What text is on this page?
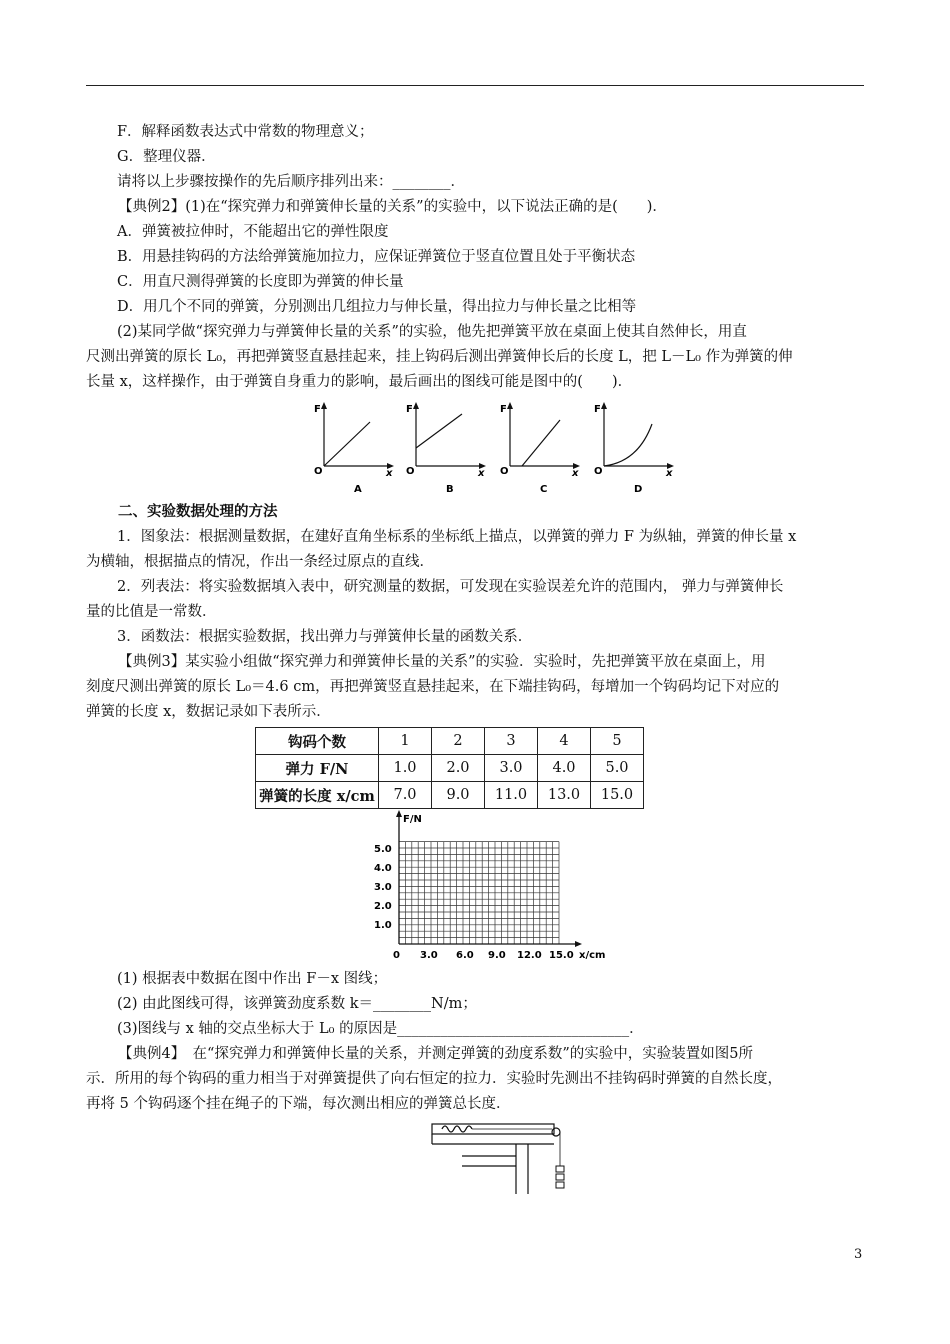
F．解释函数表达式中常数的物理意义；
G．整理仪器．
请将以上步骤按操作的先后顺序排列出来：________．
【典例2】(1)在“探究弹力和弹簧伸长量的关系”的实验中，以下说法正确的是(　　)．
A．弹簧被拉伸时，不能超出它的弹性限度
B．用悬挂钩码的方法给弹簧施加拉力，应保证弹簧位于竖直位置且处于平衡状态
C．用直尺测得弹簧的长度即为弹簧的伸长量
D．用几个不同的弹簧，分别测出几组拉力与伸长量，得出拉力与伸长量之比相等
(2)某同学做“探究弹力与弹簧伸长量的关系”的实验，他先把弹簧平放在桌面上使其自然伸长，用直
尺测出弹簧的原长 L₀，再把弹簧竖直悬挂起来，挂上钩码后测出弹簧伸长后的长度 L，把 L－L₀ 作为弹簧的伸
长量 x，这样操作，由于弹簧自身重力的影响，最后画出的图线可能是图中的(　　)．
F
O	x
A
F
O	x
B
F
O	x
C
F
O	x
D
二、实验数据处理的方法
1．图象法：根据测量数据，在建好直角坐标系的坐标纸上描点，以弹簧的弹力 F 为纵轴，弹簧的伸长量 x
为横轴，根据描点的情况，作出一条经过原点的直线．
2．列表法：将实验数据填入表中，研究测量的数据，可发现在实验误差允许的范围内， 弹力与弹簧伸长
量的比值是一常数．
3．函数法：根据实验数据，找出弹力与弹簧伸长量的函数关系．
【典例3】某实验小组做“探究弹力和弹簧伸长量的关系”的实验．实验时，先把弹簧平放在桌面上，用
刻度尺测出弹簧的原长 L₀＝4.6 cm，再把弹簧竖直悬挂起来，在下端挂钩码，每增加一个钩码均记下对应的
弹簧的长度 x，数据记录如下表所示．
钩码个数	1	2	3	4	5
弹力 F/N	1.0	2.0	3.0	4.0	5.0
弹簧的长度 x/cm	7.0	9.0	11.0	13.0	15.0
F/N
0
1.0
2.0
3.0
4.0
5.0
3.0 6.0 9.0 12.0 15.0 x/cm
(1) 根据表中数据在图中作出 F－x 图线；
(2) 由此图线可得，该弹簧劲度系数 k＝________N/m；
(3)图线与 x 轴的交点坐标大于 L₀ 的原因是________________________________．
【典例4】　在“探究弹力和弹簧伸长量的关系，并测定弹簧的劲度系数”的实验中，实验装置如图5所
示．所用的每个钩码的重力相当于对弹簧提供了向右恒定的拉力．实验时先测出不挂钩码时弹簧的自然长度，
再将 5 个钩码逐个挂在绳子的下端，每次测出相应的弹簧总长度．
3
